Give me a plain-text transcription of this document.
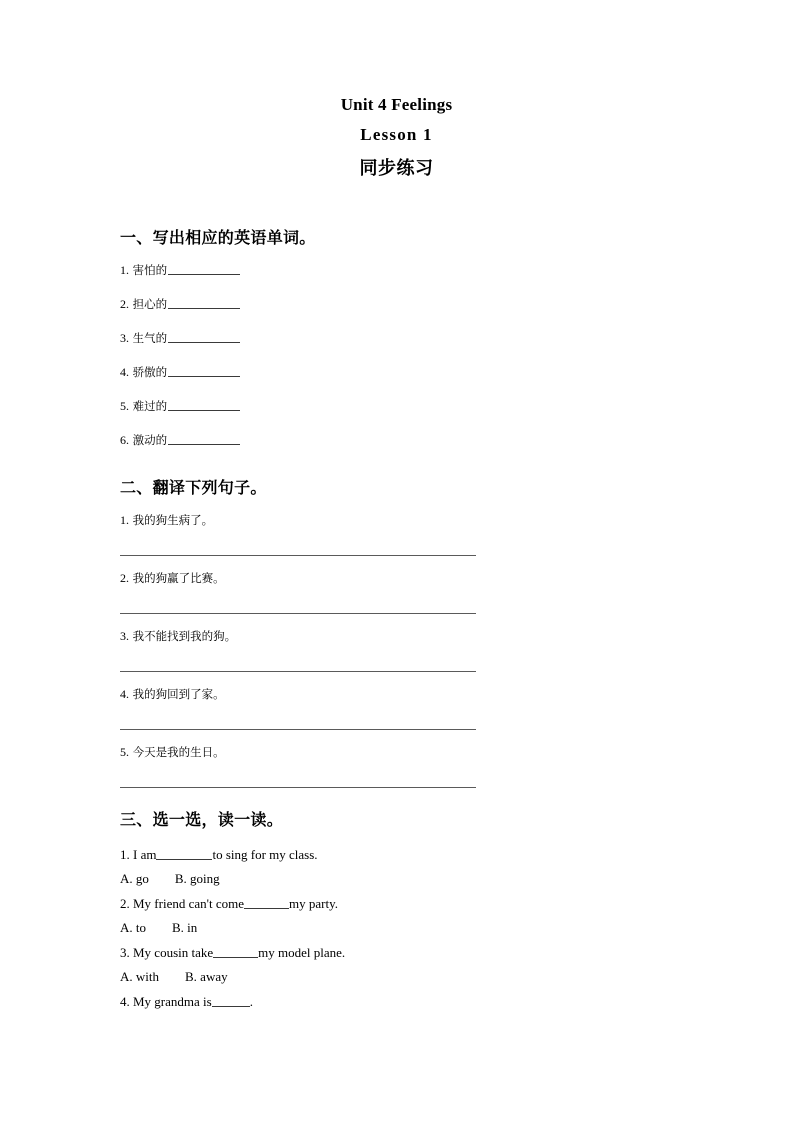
Unit 4 Feelings
Lesson 1
同步练习
一、写出相应的英语单词。
1. 害怕的
2. 担心的
3. 生气的
4. 骄傲的
5. 难过的
6. 激动的
二、翻译下列句子。
1. 我的狗生病了。
2. 我的狗赢了比赛。
3. 我不能找到我的狗。
4. 我的狗回到了家。
5. 今天是我的生日。
三、选一选，读一读。
1. I am	to sing for my class.
A. go B. going
2. My friend can't come	my party.
A. to B. in
3. My cousin take	my model plane.
A. with B. away
4. My grandma is	.
